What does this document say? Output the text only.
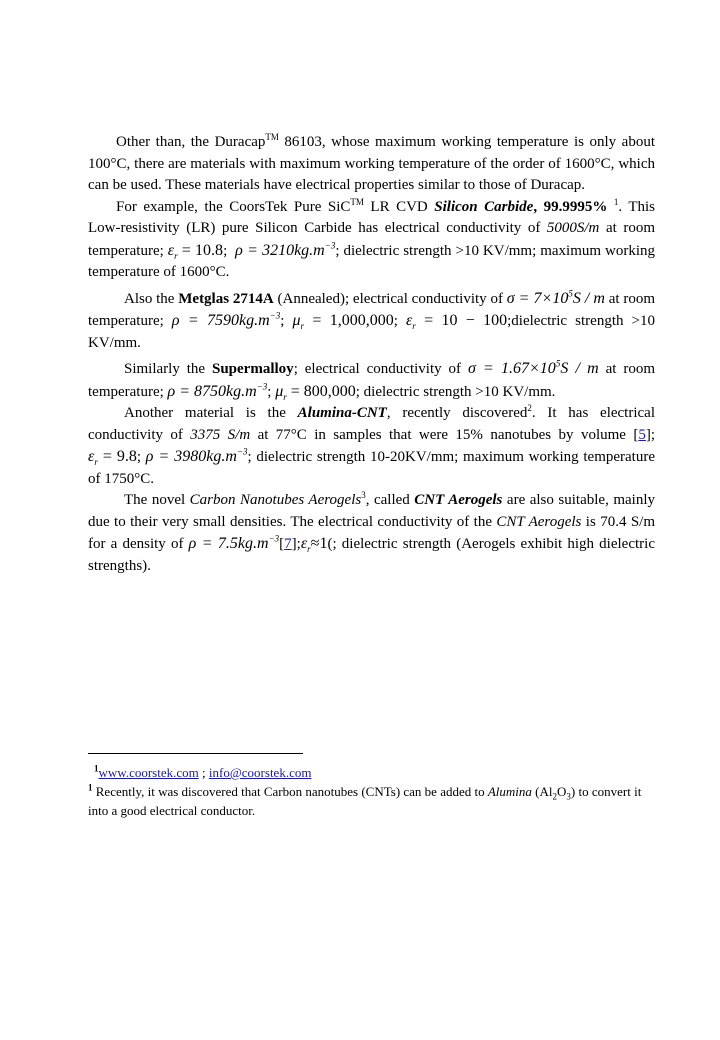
Other than, the Duracap™ 86103, whose maximum working temperature is only about 100°C, there are materials with maximum working temperature of the order of 1600°C, which can be used. These materials have electrical properties similar to those of Duracap.

For example, the CoorsTek Pure SiC™ LR CVD Silicon Carbide, 99.9995% $^1$. This Low-resistivity (LR) pure Silicon Carbide has electrical conductivity of 5000S/m at room temperature; $\varepsilon_r = 10.8$;  $\rho = 3210kg.m^{-3}$; dielectric strength >10 KV/mm; maximum working temperature of 1600°C.

Also the Metglas 2714A (Annealed); electrical conductivity of $\sigma = 7\times 10^5S / m$ at room temperature; $\rho = 7590kg.m^{-3}$; $\mu_r = 1,000,000$; $\varepsilon_r = 10$ − 100;dielectric strength >10 KV/mm.

Similarly the Supermalloy; electrical conductivity of $\sigma = 1.67\times 10^5S / m$ at room temperature; $\rho = 8750kg.m^{-3}$; $\mu_r = 800,000$; dielectric strength >10 KV/mm.

Another material is the Alumina-CNT, recently discovered$^2$. It has electrical conductivity of 3375 S/m at 77°C in samples that were 15% nanotubes by volume [5]; $\varepsilon_r = 9.8$; $\rho = 3980kg.m^{-3}$; dielectric strength 10-20KV/mm; maximum working temperature of 1750°C.

The novel Carbon Nanotubes Aerogels$^3$, called CNT Aerogels are also suitable, mainly due to their very small densities. The electrical conductivity of the CNT Aerogels is 70.4 S/m for a density of $\rho = 7.5kg.m^{-3}[7];\varepsilon_r\approx 1$(; dielectric strength (Aerogels exhibit high dielectric strengths).

$^1$www.coorstek.com ; info@coorstek.com
$^1$ Recently, it was discovered that Carbon nanotubes (CNTs) can be added to Alumina $(Al_2O_3)$ to convert it into a good electrical conductor.
